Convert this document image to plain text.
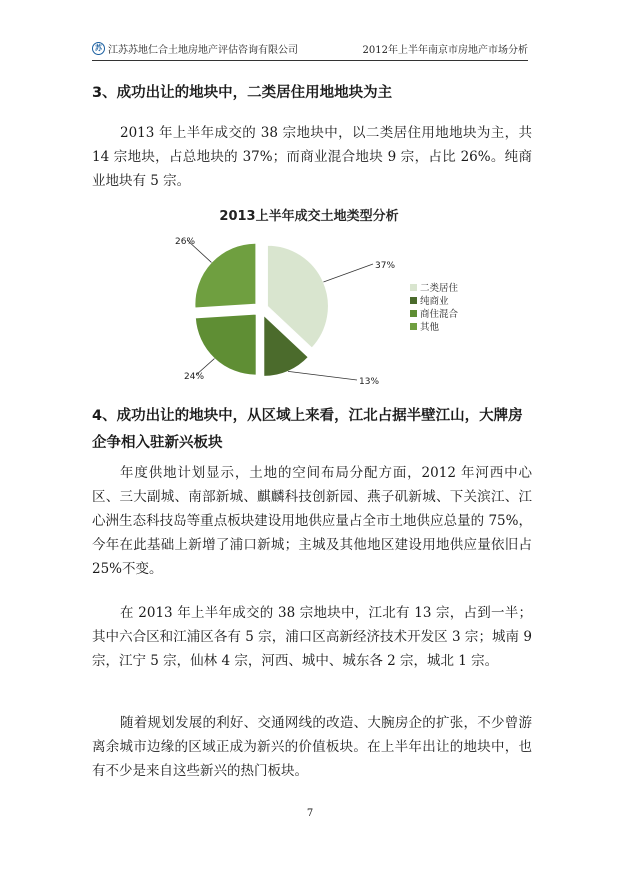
苏 江苏苏地仁合土地房地产评估咨询有限公司	2012年上半年南京市房地产市场分析
3、成功出让的地块中，二类居住用地地块为主
2013 年上半年成交的 38 宗地块中，以二类居住用地地块为主，共 14 宗地块，占总地块的 37%；而商业混合地块 9 宗，占比 26%。纯商业地块有 5 宗。
2013上半年成交土地类型分析
37%
13%
24%
26%
二类居住
纯商业
商住混合
其他
4、成功出让的地块中，从区域上来看，江北占据半壁江山，大牌房
企争相入驻新兴板块
年度供地计划显示，土地的空间布局分配方面，2012 年河西中心区、三大副城、南部新城、麒麟科技创新园、燕子矶新城、下关滨江、江心洲生态科技岛等重点板块建设用地供应量占全市土地供应总量的 75%，今年在此基础上新增了浦口新城；主城及其他地区建设用地供应量依旧占 25%不变。
在 2013 年上半年成交的 38 宗地块中，江北有 13 宗，占到一半；其中六合区和江浦区各有 5 宗，浦口区高新经济技术开发区 3 宗；城南 9 宗，江宁 5 宗，仙林 4 宗，河西、城中、城东各 2 宗，城北 1 宗。
随着规划发展的利好、交通网线的改造、大腕房企的扩张，不少曾游离余城市边缘的区域正成为新兴的价值板块。在上半年出让的地块中，也有不少是来自这些新兴的热门板块。
7
